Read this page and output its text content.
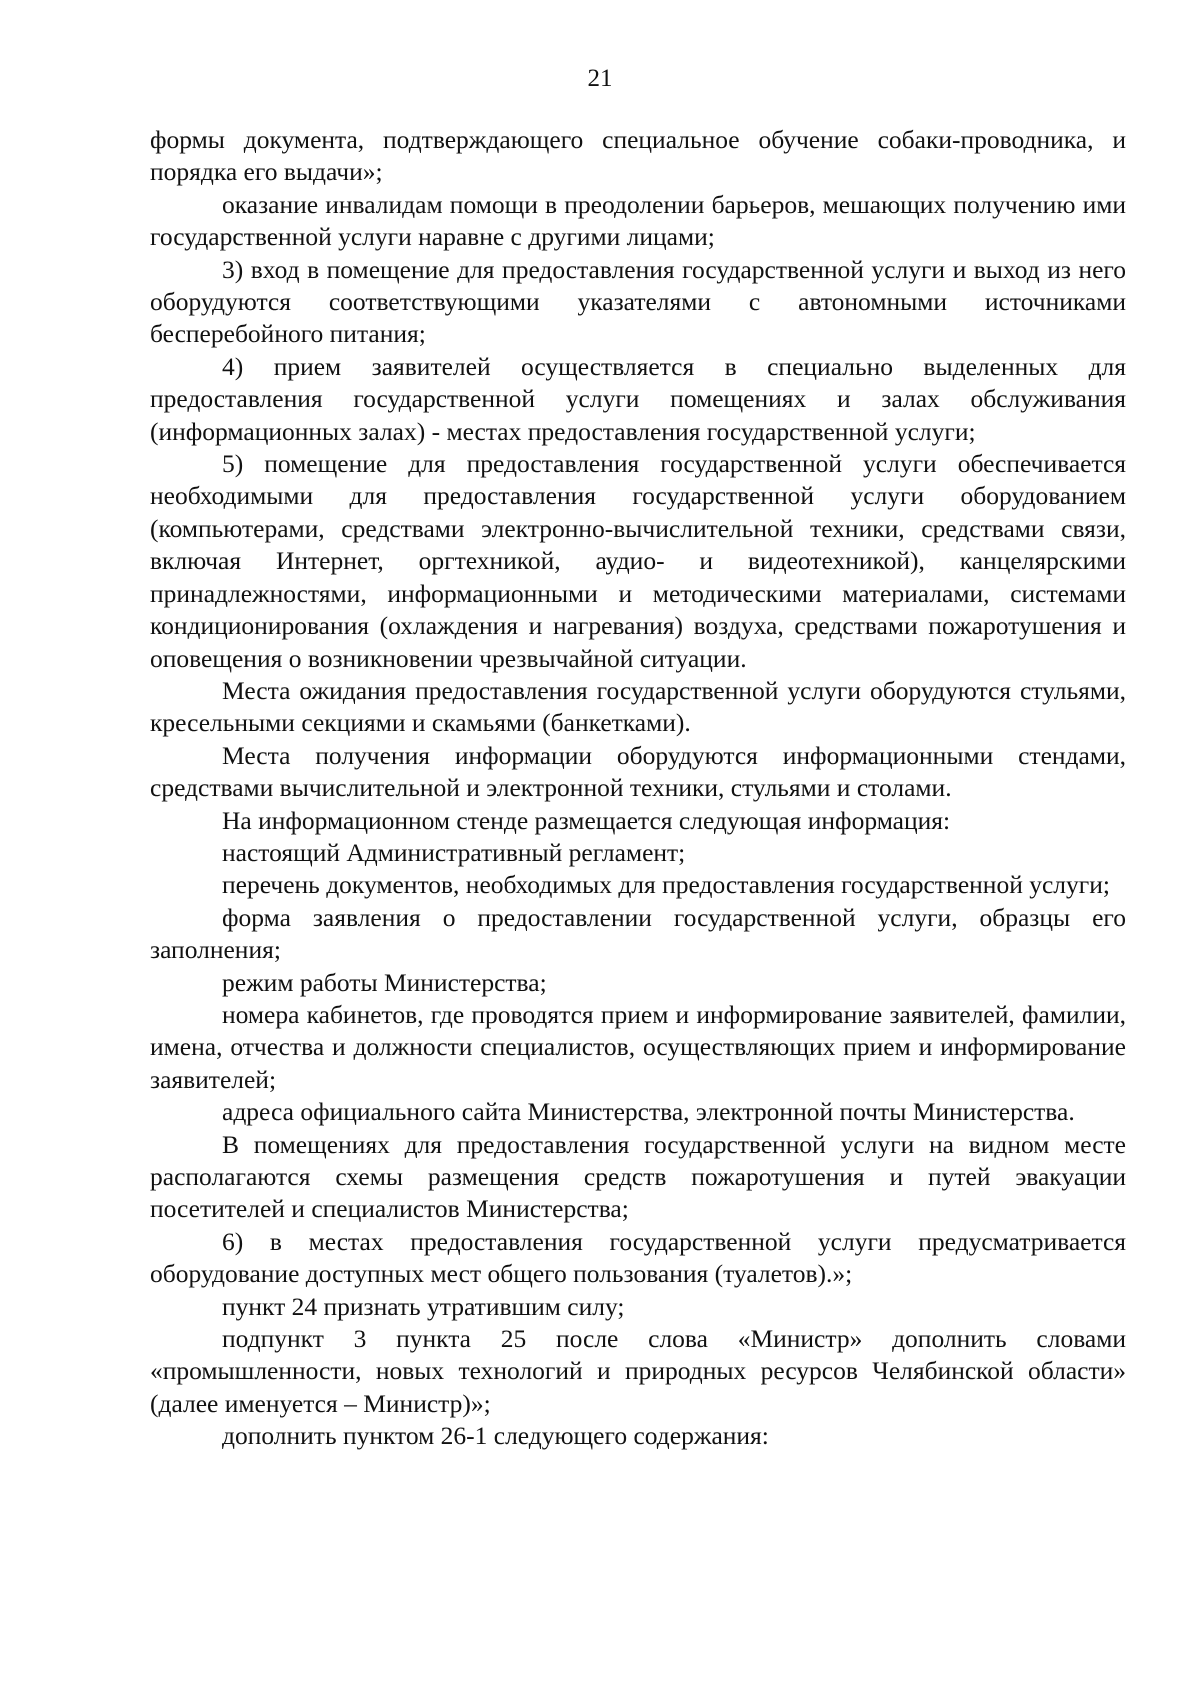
21

формы документа, подтверждающего специальное обучение собаки-проводника, и порядка его выдачи»;

оказание инвалидам помощи в преодолении барьеров, мешающих получению ими государственной услуги наравне с другими лицами;

3) вход в помещение для предоставления государственной услуги и выход из него оборудуются соответствующими указателями с автономными источниками бесперебойного питания;

4) прием заявителей осуществляется в специально выделенных для предоставления государственной услуги помещениях и залах обслуживания (информационных залах) - местах предоставления государственной услуги;

5) помещение для предоставления государственной услуги обеспечивается необходимыми для предоставления государственной услуги оборудованием (компьютерами, средствами электронно-вычислительной техники, средствами связи, включая Интернет, оргтехникой, аудио- и видеотехникой), канцелярскими принадлежностями, информационными и методическими материалами, системами кондиционирования (охлаждения и нагревания) воздуха, средствами пожаротушения и оповещения о возникновении чрезвычайной ситуации.

Места ожидания предоставления государственной услуги оборудуются стульями, кресельными секциями и скамьями (банкетками).

Места получения информации оборудуются информационными стендами, средствами вычислительной и электронной техники, стульями и столами.

На информационном стенде размещается следующая информация:

настоящий Административный регламент;

перечень документов, необходимых для предоставления государственной услуги;

форма заявления о предоставлении государственной услуги, образцы его заполнения;

режим работы Министерства;

номера кабинетов, где проводятся прием и информирование заявителей, фамилии, имена, отчества и должности специалистов, осуществляющих прием и информирование заявителей;

адреса официального сайта Министерства, электронной почты Министерства.

В помещениях для предоставления государственной услуги на видном месте располагаются схемы размещения средств пожаротушения и путей эвакуации посетителей и специалистов Министерства;

6) в местах предоставления государственной услуги предусматривается оборудование доступных мест общего пользования (туалетов).»;

пункт 24 признать утратившим силу;

подпункт 3 пункта 25 после слова «Министр» дополнить словами «промышленности, новых технологий и природных ресурсов Челябинской области» (далее именуется – Министр)»;

дополнить пунктом 26-1 следующего содержания:
